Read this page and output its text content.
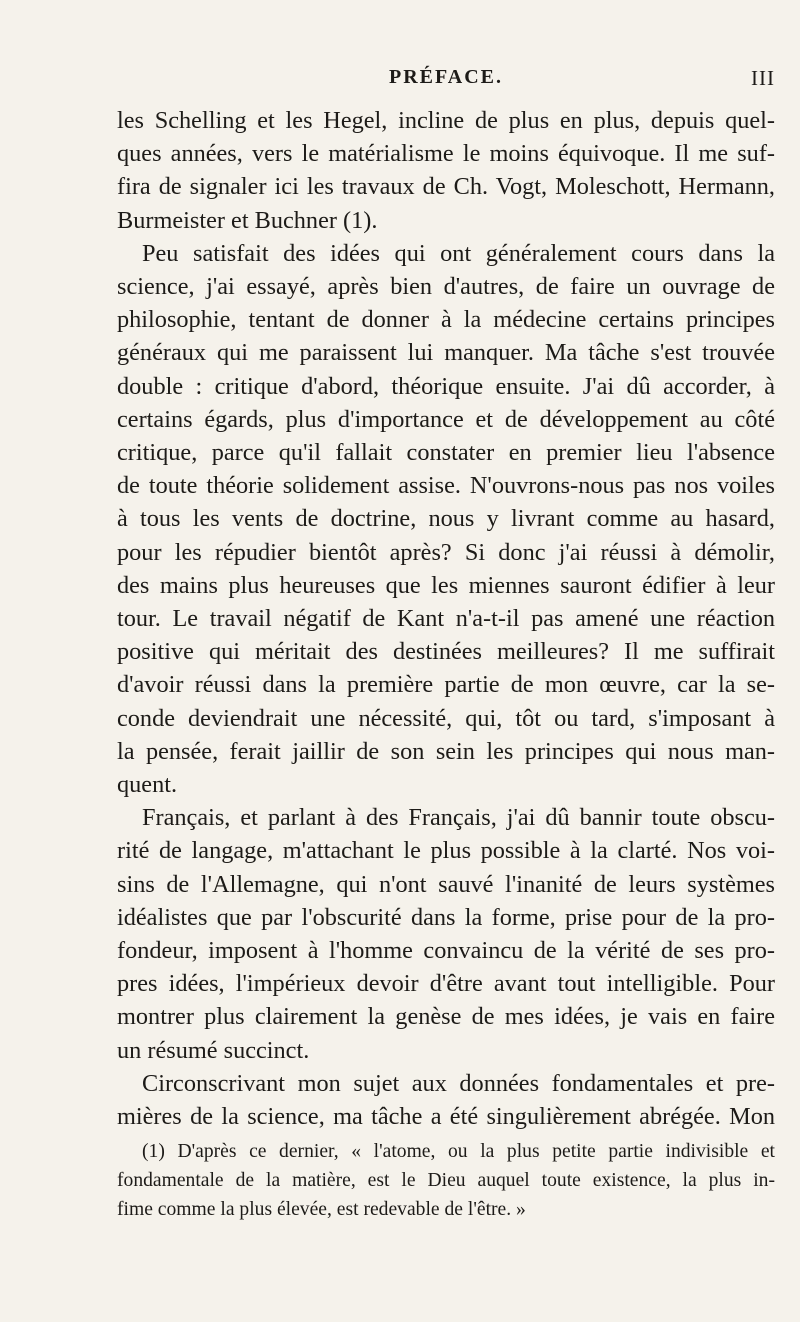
PRÉFACE.	III

les Schelling et les Hegel, incline de plus en plus, depuis quel-
ques années, vers le matérialisme le moins équivoque. Il me suf-
fira de signaler ici les travaux de Ch. Vogt, Moleschott, Hermann,
Burmeister et Buchner (1).

Peu satisfait des idées qui ont généralement cours dans la
science, j'ai essayé, après bien d'autres, de faire un ouvrage de
philosophie, tentant de donner à la médecine certains principes
généraux qui me paraissent lui manquer. Ma tâche s'est trouvée
double : critique d'abord, théorique ensuite. J'ai dû accorder, à
certains égards, plus d'importance et de développement au côté
critique, parce qu'il fallait constater en premier lieu l'absence
de toute théorie solidement assise. N'ouvrons-nous pas nos voiles
à tous les vents de doctrine, nous y livrant comme au hasard,
pour les répudier bientôt après? Si donc j'ai réussi à démolir,
des mains plus heureuses que les miennes sauront édifier à leur
tour. Le travail négatif de Kant n'a-t-il pas amené une réaction
positive qui méritait des destinées meilleures? Il me suffirait
d'avoir réussi dans la première partie de mon œuvre, car la se-
conde deviendrait une nécessité, qui, tôt ou tard, s'imposant à
la pensée, ferait jaillir de son sein les principes qui nous man-
quent.

Français, et parlant à des Français, j'ai dû bannir toute obscu-
rité de langage, m'attachant le plus possible à la clarté. Nos voi-
sins de l'Allemagne, qui n'ont sauvé l'inanité de leurs systèmes
idéalistes que par l'obscurité dans la forme, prise pour de la pro-
fondeur, imposent à l'homme convaincu de la vérité de ses pro-
pres idées, l'impérieux devoir d'être avant tout intelligible. Pour
montrer plus clairement la genèse de mes idées, je vais en faire
un résumé succinct.

Circonscrivant mon sujet aux données fondamentales et pre-
mières de la science, ma tâche a été singulièrement abrégée. Mon

(1) D'après ce dernier, « l'atome, ou la plus petite partie indivisible et
fondamentale de la matière, est le Dieu auquel toute existence, la plus in-
fime comme la plus élevée, est redevable de l'être. »
